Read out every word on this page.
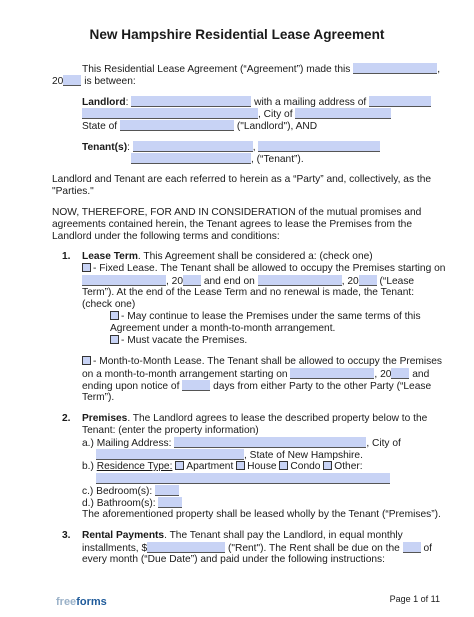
New Hampshire Residential Lease Agreement
This Residential Lease Agreement (“Agreement”) made this	,
20 is between:
Landlord:	with a mailing address of
, City of
State of	("Landlord"), AND
Tenant(s):	,
, (“Tenant”).
Landlord and Tenant are each referred to herein as a “Party” and, collectively, as the
"Parties."
NOW, THEREFORE, FOR AND IN CONSIDERATION of the mutual promises and
agreements contained herein, the Tenant agrees to lease the Premises from the
Landlord under the following terms and conditions:
1. Lease Term. This Agreement shall be considered a: (check one)
- Fixed Lease. The Tenant shall be allowed to occupy the Premises starting on
, 20 and end on	, 20 (“Lease
Term”). At the end of the Lease Term and no renewal is made, the Tenant:
(check one)
- May continue to lease the Premises under the same terms of this
Agreement under a month-to-month arrangement.
- Must vacate the Premises.
- Month-to-Month Lease. The Tenant shall be allowed to occupy the Premises
on a month-to-month arrangement starting on	, 20 and
ending upon notice of	days from either Party to the other Party (“Lease
Term”).
2. Premises. The Landlord agrees to lease the described property below to the
Tenant: (enter the property information)
a.) Mailing Address:	, City of
, State of New Hampshire.
b.) Residence Type: Apartment House Condo Other:
c.) Bedroom(s):
d.) Bathroom(s):
The aforementioned property shall be leased wholly by the Tenant (“Premises”).
3. Rental Payments. The Tenant shall pay the Landlord, in equal monthly
installments, $	("Rent"). The Rent shall be due on the of
every month (“Due Date”) and paid under the following instructions:
freeforms	Page 1 of 11
